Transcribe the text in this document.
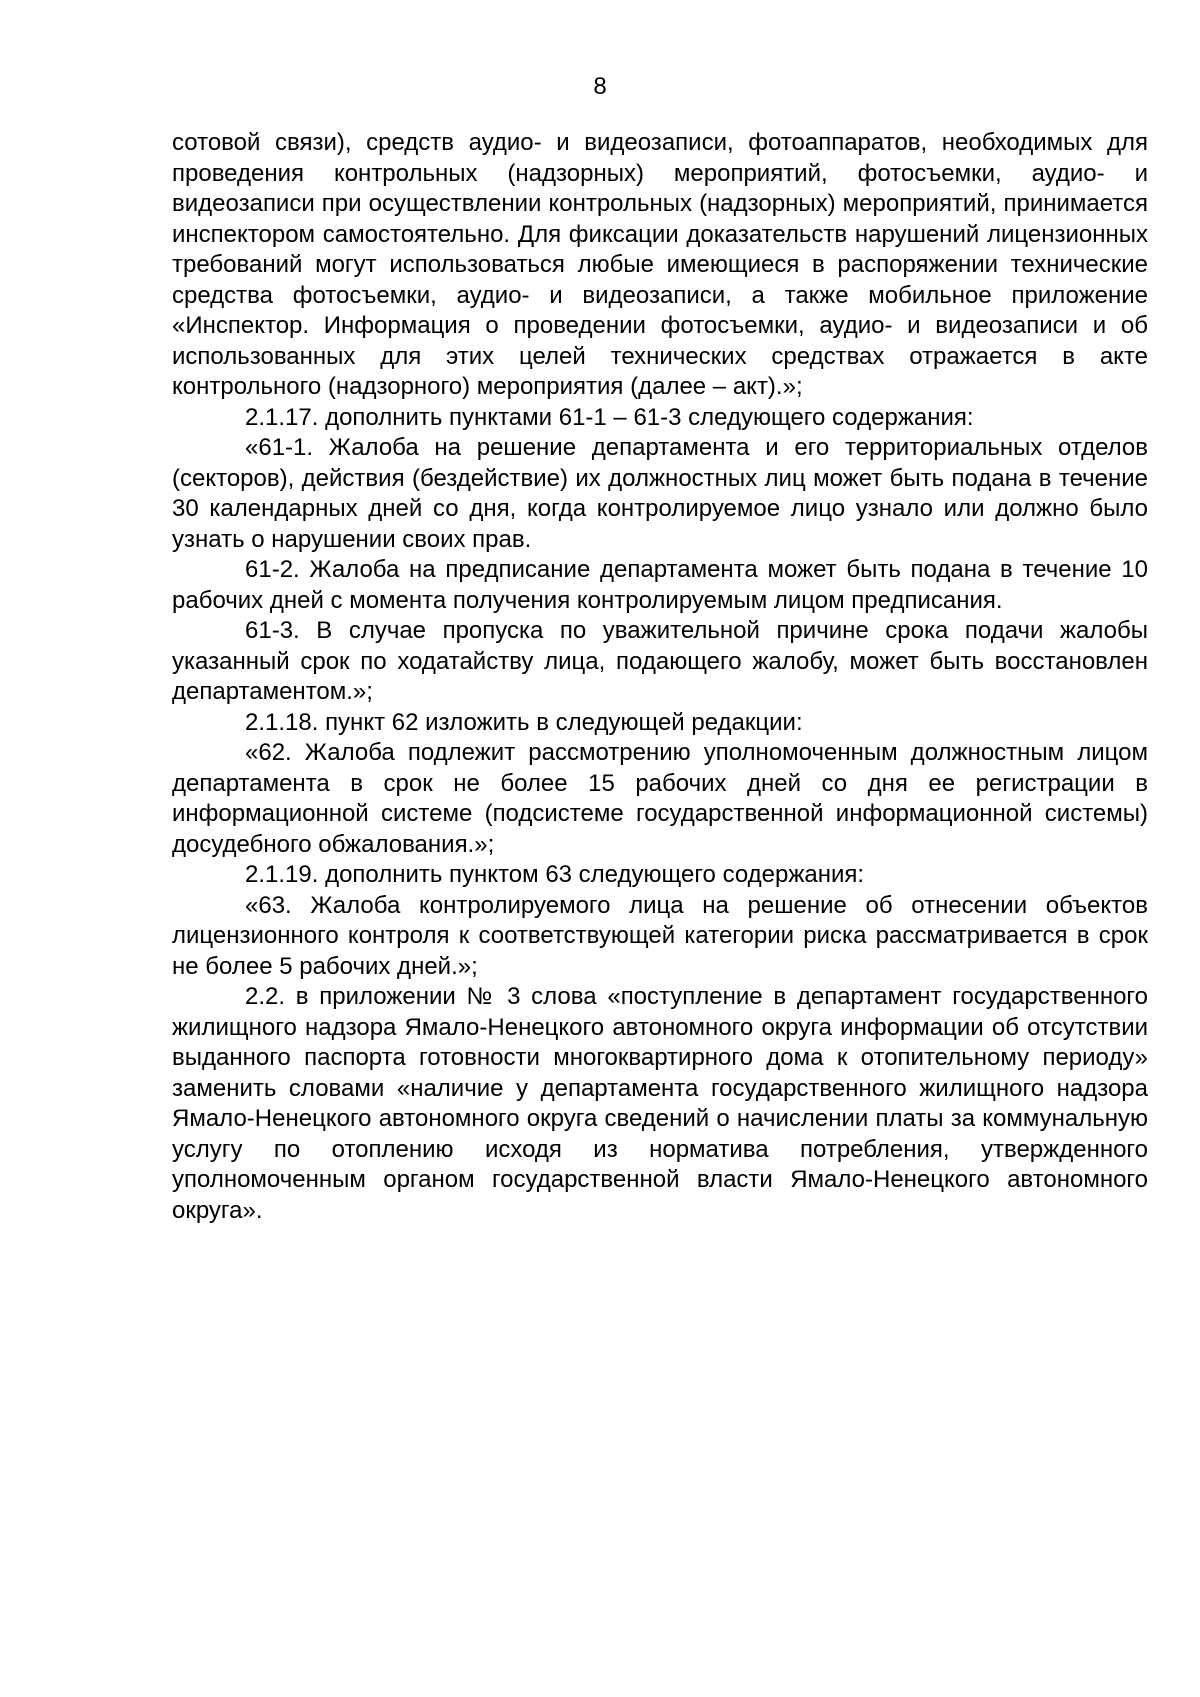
8

сотовой связи), средств аудио- и видеозаписи, фотоаппаратов, необходимых для проведения контрольных (надзорных) мероприятий, фотосъемки, аудио- и видеозаписи при осуществлении контрольных (надзорных) мероприятий, принимается инспектором самостоятельно. Для фиксации доказательств нарушений лицензионных требований могут использоваться любые имеющиеся в распоряжении технические средства фотосъемки, аудио- и видеозаписи, а также мобильное приложение «Инспектор. Информация о проведении фотосъемки, аудио- и видеозаписи и об использованных для этих целей технических средствах отражается в акте контрольного (надзорного) мероприятия (далее – акт).»;

2.1.17. дополнить пунктами 61-1 – 61-3 следующего содержания:

«61-1. Жалоба на решение департамента и его территориальных отделов (секторов), действия (бездействие) их должностных лиц может быть подана в течение 30 календарных дней со дня, когда контролируемое лицо узнало или должно было узнать о нарушении своих прав.

61-2. Жалоба на предписание департамента может быть подана в течение 10 рабочих дней с момента получения контролируемым лицом предписания.

61-3. В случае пропуска по уважительной причине срока подачи жалобы указанный срок по ходатайству лица, подающего жалобу, может быть восстановлен департаментом.»;

2.1.18. пункт 62 изложить в следующей редакции:

«62. Жалоба подлежит рассмотрению уполномоченным должностным лицом департамента в срок не более 15 рабочих дней со дня ее регистрации в информационной системе (подсистеме государственной информационной системы) досудебного обжалования.»;

2.1.19. дополнить пунктом 63 следующего содержания:

«63. Жалоба контролируемого лица на решение об отнесении объектов лицензионного контроля к соответствующей категории риска рассматривается в срок не более 5 рабочих дней.»;

2.2. в приложении № 3 слова «поступление в департамент государственного жилищного надзора Ямало-Ненецкого автономного округа информации об отсутствии выданного паспорта готовности многоквартирного дома к отопительному периоду» заменить словами «наличие у департамента государственного жилищного надзора Ямало-Ненецкого автономного округа сведений о начислении платы за коммунальную услугу по отоплению исходя из норматива потребления, утвержденного уполномоченным органом государственной власти Ямало-Ненецкого автономного округа».
